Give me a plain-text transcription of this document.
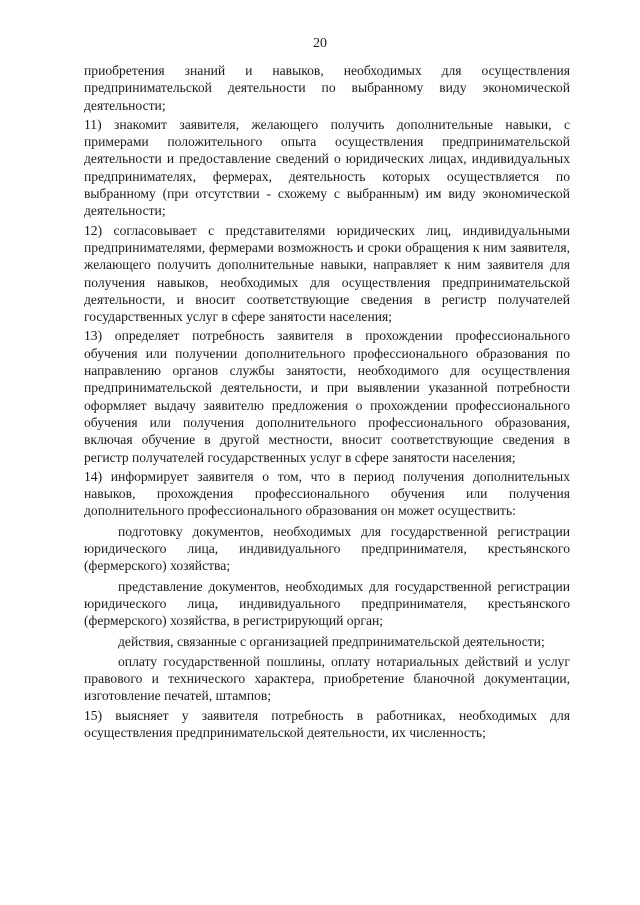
20

приобретения знаний и навыков, необходимых для осуществления предпринимательской деятельности по выбранному виду экономической деятельности;

11) знакомит заявителя, желающего получить дополнительные навыки, с примерами положительного опыта осуществления предпринимательской деятельности и предоставление сведений о юридических лицах, индивидуальных предпринимателях, фермерах, деятельность которых осуществляется по выбранному (при отсутствии - схожему с выбранным) им виду экономической деятельности;

12) согласовывает с представителями юридических лиц, индивидуальными предпринимателями, фермерами возможность и сроки обращения к ним заявителя, желающего получить дополнительные навыки, направляет к ним заявителя для получения навыков, необходимых для осуществления предпринимательской деятельности, и вносит соответствующие сведения в регистр получателей государственных услуг в сфере занятости населения;

13) определяет потребность заявителя в прохождении профессионального обучения или получении дополнительного профессионального образования по направлению органов службы занятости, необходимого для осуществления предпринимательской деятельности, и при выявлении указанной потребности оформляет выдачу заявителю предложения о прохождении профессионального обучения или получения дополнительного профессионального образования, включая обучение в другой местности, вносит соответствующие сведения в регистр получателей государственных услуг в сфере занятости населения;

14) информирует заявителя о том, что в период получения дополнительных навыков, прохождения профессионального обучения или получения дополнительного профессионального образования он может осуществить:

подготовку документов, необходимых для государственной регистрации юридического лица, индивидуального предпринимателя, крестьянского (фермерского) хозяйства;

представление документов, необходимых для государственной регистрации юридического лица, индивидуального предпринимателя, крестьянского (фермерского) хозяйства, в регистрирующий орган;

действия, связанные с организацией предпринимательской деятельности;

оплату государственной пошлины, оплату нотариальных действий и услуг правового и технического характера, приобретение бланочной документации, изготовление печатей, штампов;

15) выясняет у заявителя потребность в работниках, необходимых для осуществления предпринимательской деятельности, их численность;
